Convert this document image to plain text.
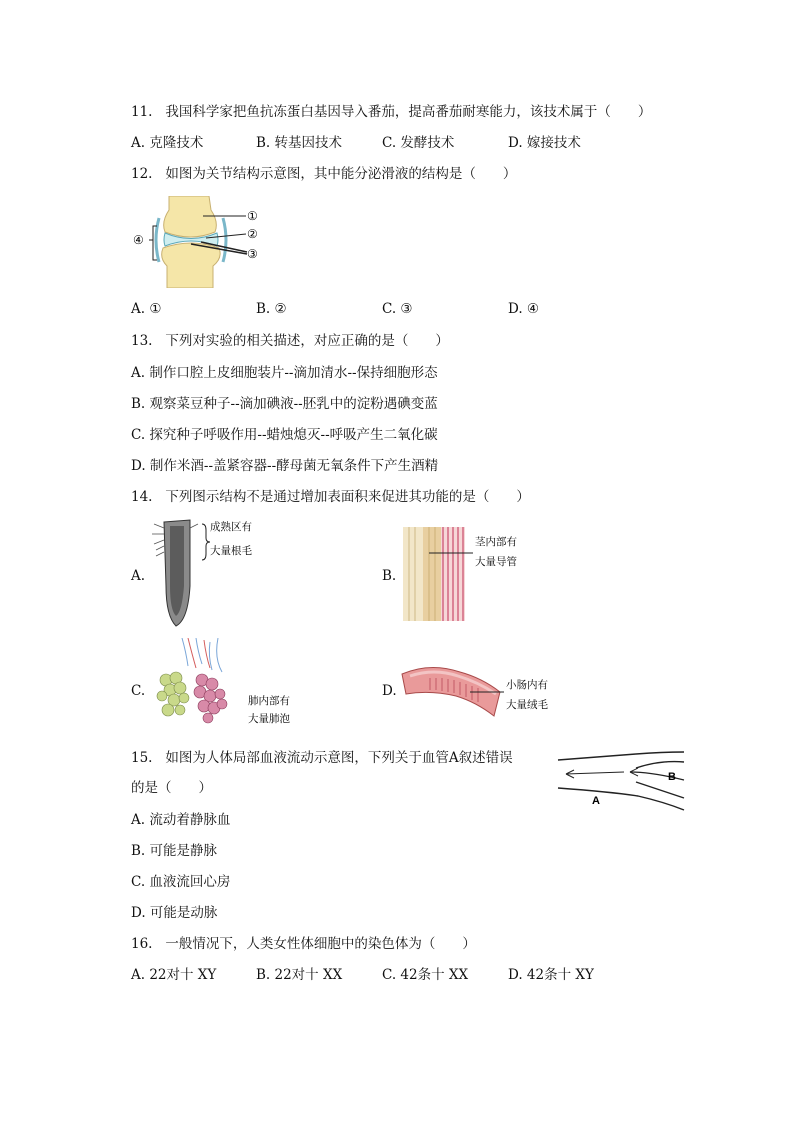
11. 我国科学家把鱼抗冻蛋白基因导入番茄，提高番茄耐寒能力，该技术属于（　　）
A. 克隆技术	B. 转基因技术	C. 发酵技术	D. 嫁接技术
12. 如图为关节结构示意图，其中能分泌滑液的结构是（　　）
①
②
③
④
A. ①	B. ②	C. ③	D. ④
13. 下列对实验的相关描述，对应正确的是（　　）
A. 制作口腔上皮细胞装片--滴加清水--保持细胞形态
B. 观察菜豆种子--滴加碘液--胚乳中的淀粉遇碘变蓝
C. 探究种子呼吸作用--蜡烛熄灭--呼吸产生二氧化碳
D. 制作米酒--盖紧容器--酵母菌无氧条件下产生酒精
14. 下列图示结构不是通过增加表面积来促进其功能的是（　　）
A.
成熟区有
大量根毛
B.
茎内部有
大量导管
C.
肺内部有
大量肺泡
D.	小肠内有
大量绒毛
15. 如图为人体局部血液流动示意图，下列关于血管A叙述错误
的是（　　）
A
B
A. 流动着静脉血
B. 可能是静脉
C. 血液流回心房
D. 可能是动脉
16. 一般情况下，人类女性体细胞中的染色体为（　　）
A. 22对十 XY	B. 22对十 XX	C. 42条十 XX	D. 42条十 XY
